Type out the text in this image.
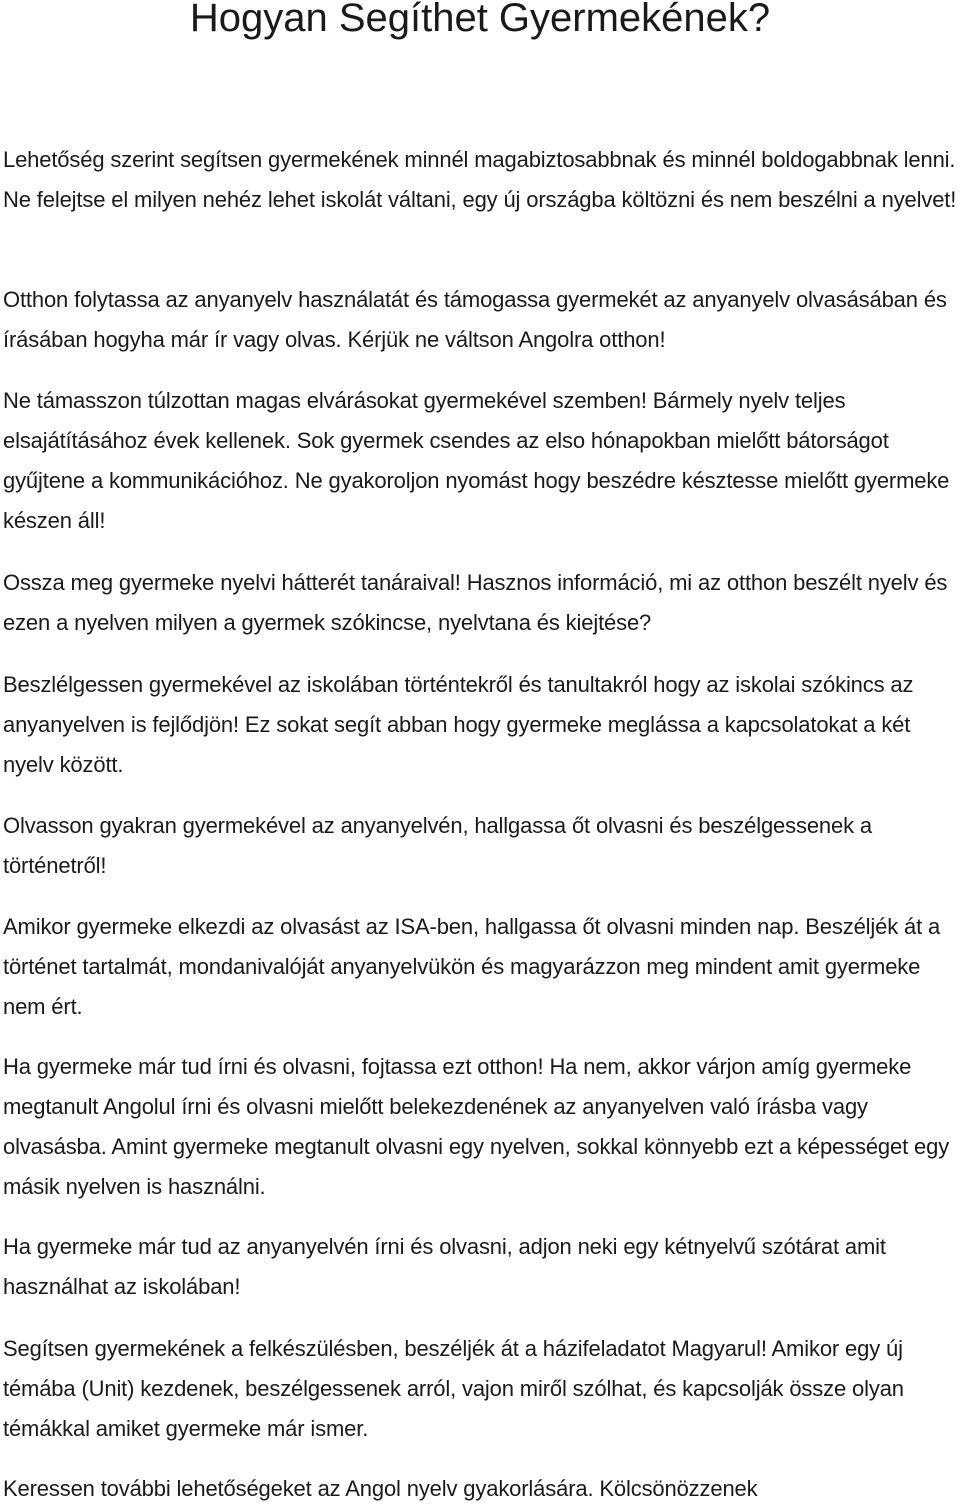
Hogyan Segíthet Gyermekének?

Lehetőség szerint segítsen gyermekének minnél magabiztosabbnak és minnél boldogabbnak lenni. Ne felejtse el milyen nehéz lehet iskolát váltani, egy új országba költözni és nem beszélni a nyelvet!

Otthon folytassa az anyanyelv használatát és támogassa gyermekét az anyanyelv olvasásában és írásában hogyha már ír vagy olvas. Kérjük ne váltson Angolra otthon!

Ne támasszon túlzottan magas elvárásokat gyermekével szemben! Bármely nyelv teljes elsajátításához évek kellenek. Sok gyermek csendes az elso hónapokban mielőtt bátorságot gyűjtene a kommunikációhoz. Ne gyakoroljon nyomást hogy beszédre késztesse mielőtt gyermeke készen áll!

Ossza meg gyermeke nyelvi hátterét tanáraival! Hasznos információ, mi az otthon beszélt nyelv és ezen a nyelven milyen a gyermek szókincse, nyelvtana és kiejtése?

Beszlélgessen gyermekével az iskolában történtekről és tanultakról hogy az iskolai szókincs az anyanyelven is fejlődjön! Ez sokat segít abban hogy gyermeke meglássa a kapcsolatokat a két nyelv között.

Olvasson gyakran gyermekével az anyanyelvén, hallgassa őt olvasni és beszélgessenek a történetről!

Amikor gyermeke elkezdi az olvasást az ISA-ben, hallgassa őt olvasni minden nap. Beszéljék át a történet tartalmát, mondanivalóját anyanyelvükön és magyarázzon meg mindent amit gyermeke nem ért.

Ha gyermeke már tud írni és olvasni, fojtassa ezt otthon! Ha nem, akkor várjon amíg gyermeke megtanult Angolul írni és olvasni mielőtt belekezdenének az anyanyelven való írásba vagy olvasásba. Amint gyermeke megtanult olvasni egy nyelven, sokkal könnyebb ezt a képességet egy másik nyelven is használni.

Ha gyermeke már tud az anyanyelvén írni és olvasni, adjon neki egy kétnyelvű szótárat amit használhat az iskolában!

Segítsen gyermekének a felkészülésben, beszéljék át a házifeladatot Magyarul! Amikor egy új témába (Unit) kezdenek, beszélgessenek arról, vajon miről szólhat, és kapcsolják össze olyan témákkal amiket gyermeke már ismer.

Keressen további lehetőségeket az Angol nyelv gyakorlására. Kölcsönözzenek
